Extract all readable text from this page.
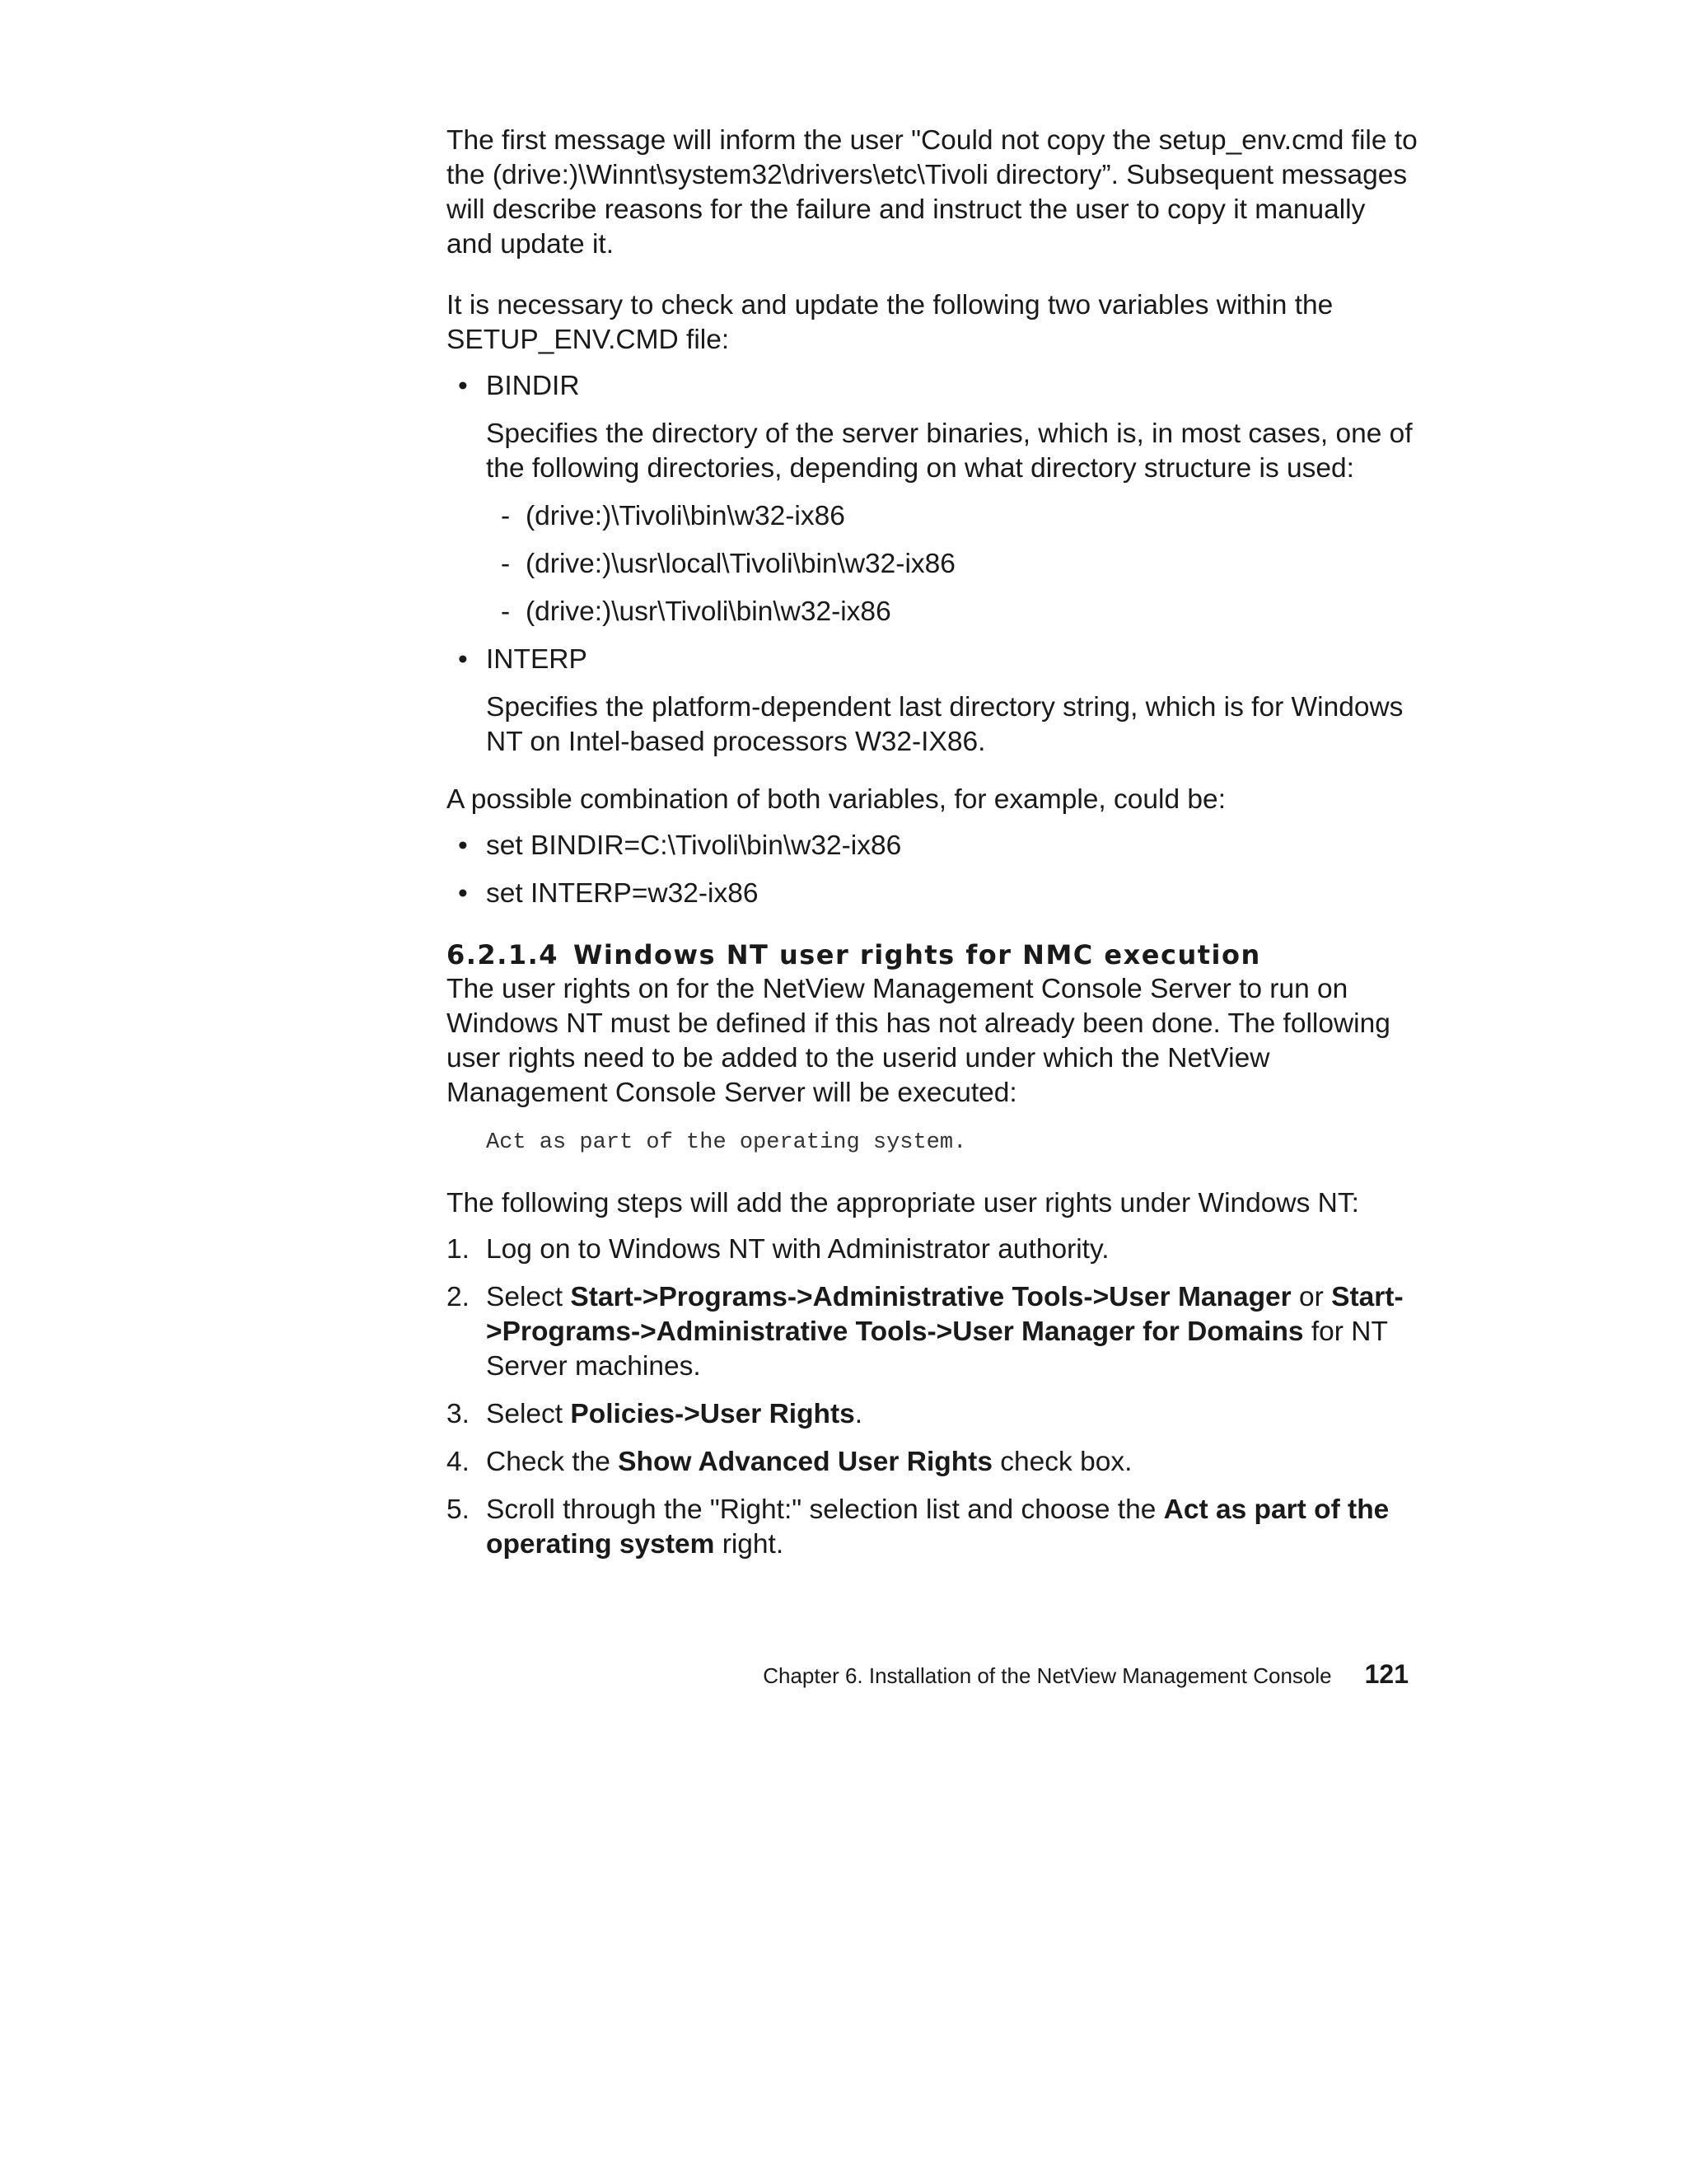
The first message will inform the user "Could not copy the setup_env.cmd file to the (drive:)\Winnt\system32\drivers\etc\Tivoli directory”. Subsequent messages will describe reasons for the failure and instruct the user to copy it manually and update it.

It is necessary to check and update the following two variables within the SETUP_ENV.CMD file:

• BINDIR

Specifies the directory of the server binaries, which is, in most cases, one of the following directories, depending on what directory structure is used:

- (drive:)\Tivoli\bin\w32-ix86
- (drive:)\usr\local\Tivoli\bin\w32-ix86
- (drive:)\usr\Tivoli\bin\w32-ix86
• INTERP

Specifies the platform-dependent last directory string, which is for Windows NT on Intel-based processors W32-IX86.

A possible combination of both variables, for example, could be:

• set BINDIR=C:\Tivoli\bin\w32-ix86
• set INTERP=w32-ix86
6.2.1.4 Windows NT user rights for NMC execution

The user rights on for the NetView Management Console Server to run on Windows NT must be defined if this has not already been done. The following user rights need to be added to the userid under which the NetView Management Console Server will be executed:

Act as part of the operating system.

The following steps will add the appropriate user rights under Windows NT:

1. Log on to Windows NT with Administrator authority.
2. Select Start->Programs->Administrative Tools->User Manager or Start->Programs->Administrative Tools->User Manager for Domains for NT Server machines.
3. Select Policies->User Rights.
4. Check the Show Advanced User Rights check box.
5. Scroll through the "Right:" selection list and choose the Act as part of the operating system right.
Chapter 6. Installation of the NetView Management Console 121
